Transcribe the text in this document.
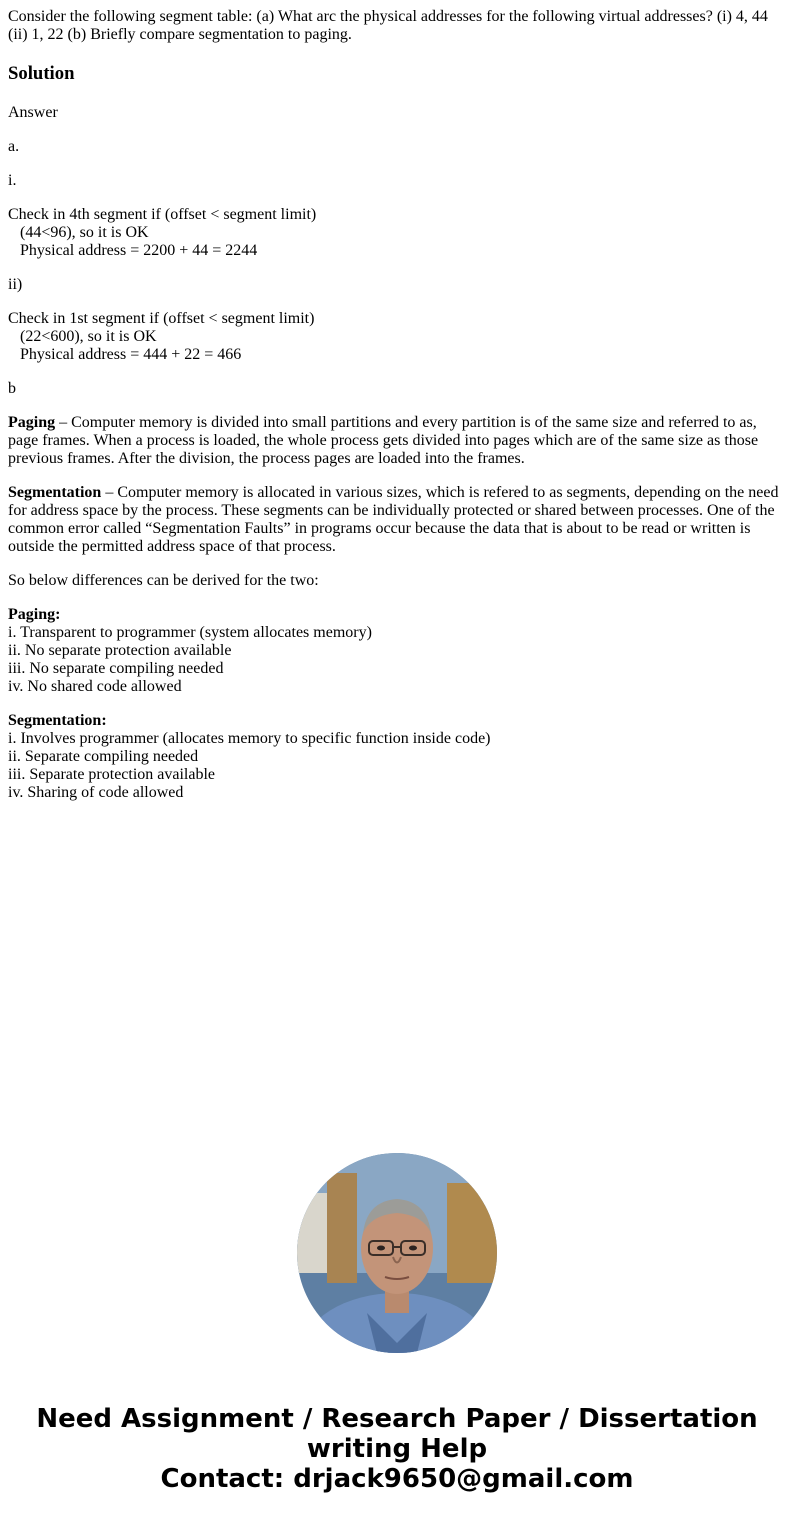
Consider the following segment table: (a) What arc the physical addresses for the following virtual addresses? (i) 4, 44 (ii) 1, 22 (b) Briefly compare segmentation to paging.

Solution

Answer

a.

i.

Check in 4th segment if (offset < segment limit)

(44<96), so it is OK
Physical address = 2200 + 44 = 2244

ii)

Check in 1st segment if (offset < segment limit)

(22<600), so it is OK
Physical address = 444 + 22 = 466

b

Paging – Computer memory is divided into small partitions and every partition is of the same size and referred to as, page frames. When a process is loaded, the whole process gets divided into pages which are of the same size as those previous frames. After the division, the process pages are loaded into the frames.

Segmentation – Computer memory is allocated in various sizes, which is refered to as segments, depending on the need for address space by the process. These segments can be individually protected or shared between processes. One of the common error called “Segmentation Faults” in programs occur because the data that is about to be read or written is outside the permitted address space of that process.

So below differences can be derived for the two:

Paging:
i. Transparent to programmer (system allocates memory)
ii. No separate protection available
iii. No separate compiling needed
iv. No shared code allowed

Segmentation:
i. Involves programmer (allocates memory to specific function inside code)
ii. Separate compiling needed
iii. Separate protection available
iv. Sharing of code allowed

Need Assignment / Research Paper / Dissertation
writing Help
Contact: drjack9650@gmail.com
